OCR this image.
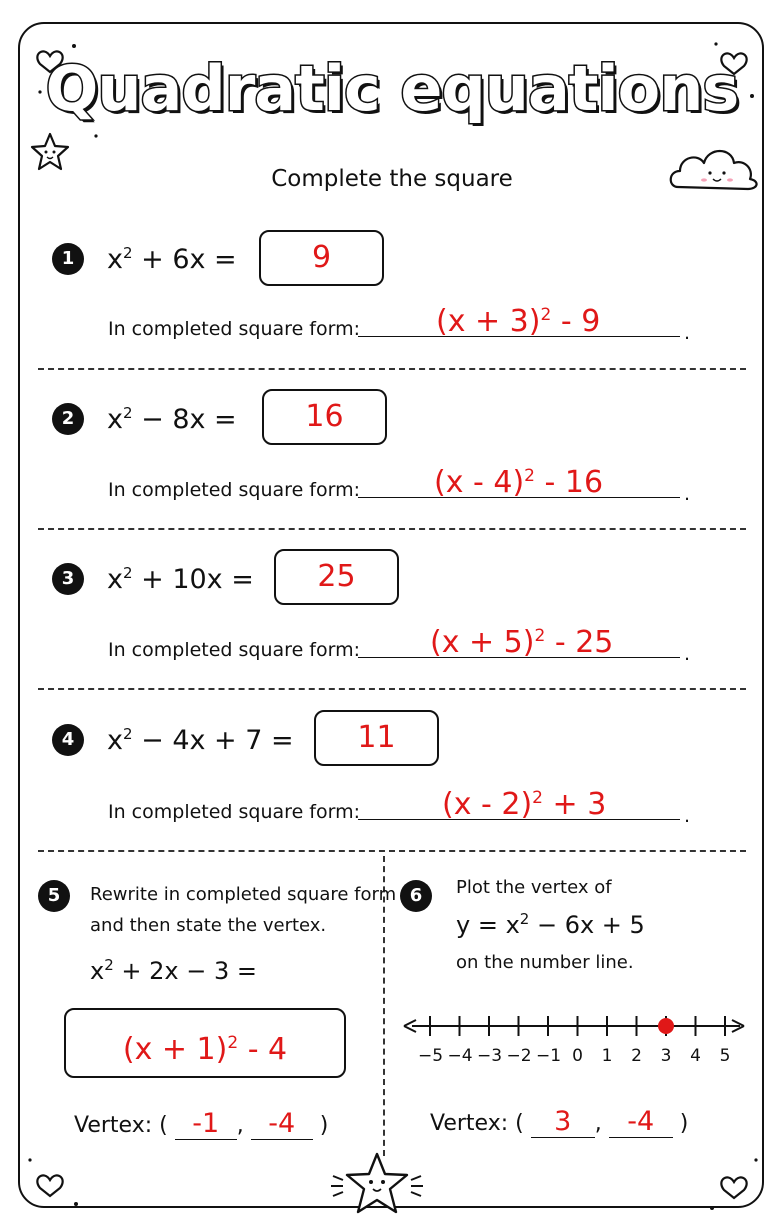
Quadratic equations
Complete the square
1	$x^2 + 6x$ =	9
In completed square form:	$(x + 3)^2 - 9$	.
2	$x^2 - 8x$ =	16
In completed square form: (x - 4)$^2$ - 16	.
3	$x^2 + 10x$ =	25
In completed square form: $(x + 5)^2 - 25$	.
4	$x^2 - 4x + 7$ =	11
In completed square form:	(x - 2)$^2$ + 3	.
5	Rewrite in completed square form
and then state the vertex.
$x^2 + 2x - 3$ =
$(x + 1)^2 - 4$
Vertex: ( -1 , -4 )
6	Plot the vertex of
$y = x^2 - 6x + 5$
on the number line.
−5 −4 −3 −2 −1 0	1	2	3	4	5
Vertex: ( 3 , -4 )
